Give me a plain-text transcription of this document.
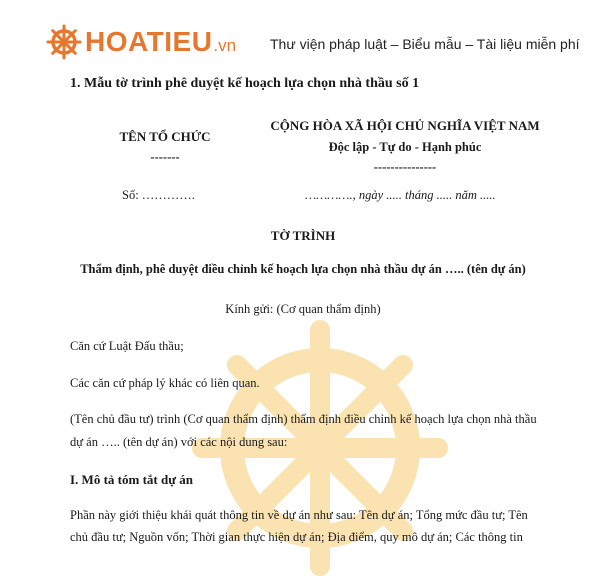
HOATIEU .vn Thư viện pháp luật – Biểu mẫu – Tài liệu miễn phí
1. Mẫu tờ trình phê duyệt kế hoạch lựa chọn nhà thầu số 1
TÊN TỔ CHỨC
-------
CỘNG HÒA XÃ HỘI CHỦ NGHĨA VIỆT NAM
Độc lập - Tự do - Hạnh phúc
---------------
Số: ………….	…………., ngày ..... tháng ..... năm .....
TỜ TRÌNH
Thẩm định, phê duyệt điều chỉnh kế hoạch lựa chọn nhà thầu dự án ….. (tên dự án)
Kính gửi: (Cơ quan thẩm định)
Căn cứ Luật Đấu thầu;
Các căn cứ pháp lý khác có liên quan.
(Tên chủ đầu tư) trình (Cơ quan thẩm định) thẩm định điều chỉnh kế hoạch lựa chọn nhà thầu
dự án ….. (tên dự án) với các nội dung sau:
I. Mô tả tóm tắt dự án
Phần này giới thiệu khái quát thông tin về dự án như sau: Tên dự án; Tổng mức đầu tư; Tên
chủ đầu tư; Nguồn vốn; Thời gian thực hiện dự án; Địa điểm, quy mô dự án; Các thông tin
